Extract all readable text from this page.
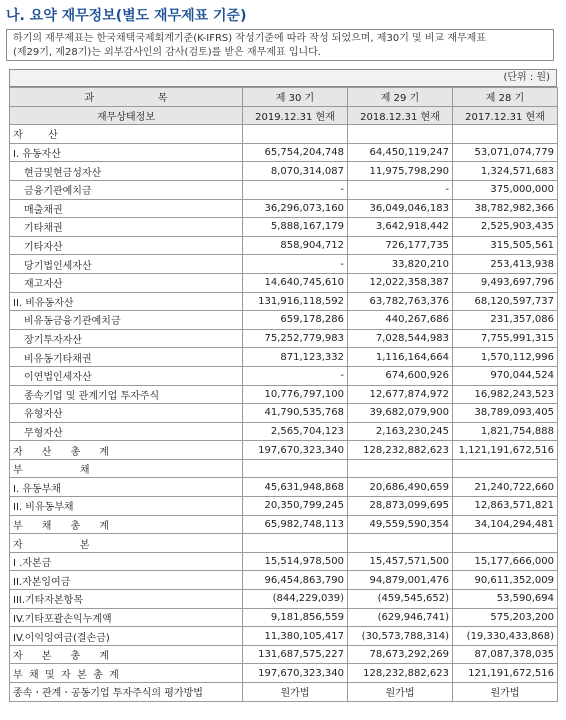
나. 요약 재무정보(별도 재무제표 기준)
하기의 재무제표는 한국채택국제회계기준(K-IFRS) 작성기준에 따라 작성 되었으며, 제30기 및 비교 재무제표
(제29기, 제28기)는 외부감사인의 감사(검토)를 받은 재무제표 입니다.
(단위 : 원)
과                    목	제 30 기	제 29 기	제 28 기
재무상태정보	2019.12.31 현재	2018.12.31 현재	2017.12.31 현재
자        산			
I. 유동자산	65,754,204,748	64,450,119,247	53,071,074,779
현금및현금성자산	8,070,314,087	11,975,798,290	1,324,571,683
금융기관예치금	-	-	375,000,000
매출채권	36,296,073,160	36,049,046,183	38,782,982,366
기타채권	5,888,167,179	3,642,918,442	2,525,903,435
기타자산	858,904,712	726,177,735	315,505,561
당기법인세자산	-	33,820,210	253,413,938
재고자산	14,640,745,610	12,022,358,387	9,493,697,796
II. 비유동자산	131,916,118,592	63,782,763,376	68,120,597,737
비유동금융기관예치금	659,178,286	440,267,686	231,357,086
장기투자자산	75,252,779,983	7,028,544,983	7,755,991,315
비유동기타채권	871,123,332	1,116,164,664	1,570,112,996
이연법인세자산	-	674,600,926	970,044,524
종속기업 및 관계기업 투자주식	10,776,797,100	12,677,874,972	16,982,243,523
유형자산	41,790,535,768	39,682,079,900	38,789,093,405
무형자산	2,565,704,123	2,163,230,245	1,821,754,888
자      산      총      계	197,670,323,340	128,232,882,623	1,121,191,672,516
부                  채			
I. 유동부채	45,631,948,868	20,686,490,659	21,240,722,660
II. 비유동부채	20,350,799,245	28,873,099,695	12,863,571,821
부      채      총      계	65,982,748,113	49,559,590,354	34,104,294,481
자                  본			
I .자본금	15,514,978,500	15,457,571,500	15,177,666,000
II.자본잉여금	96,454,863,790	94,879,001,476	90,611,352,009
III.기타자본항목	(844,229,039)	(459,545,652)	53,590,694
IV.기타포괄손익누계액	9,181,856,559	(629,946,741)	575,203,200
IV.이익잉여금(결손금)	11,380,105,417	(30,573,788,314)	(19,330,433,868)
자      본      총      계	131,687,575,227	78,673,292,269	87,087,378,035
부  채  및  자  본  총  계	197,670,323,340	128,232,882,623	121,191,672,516
종속ㆍ관계ㆍ공동기업 투자주식의 평가방법	원가법	원가법	원가법
